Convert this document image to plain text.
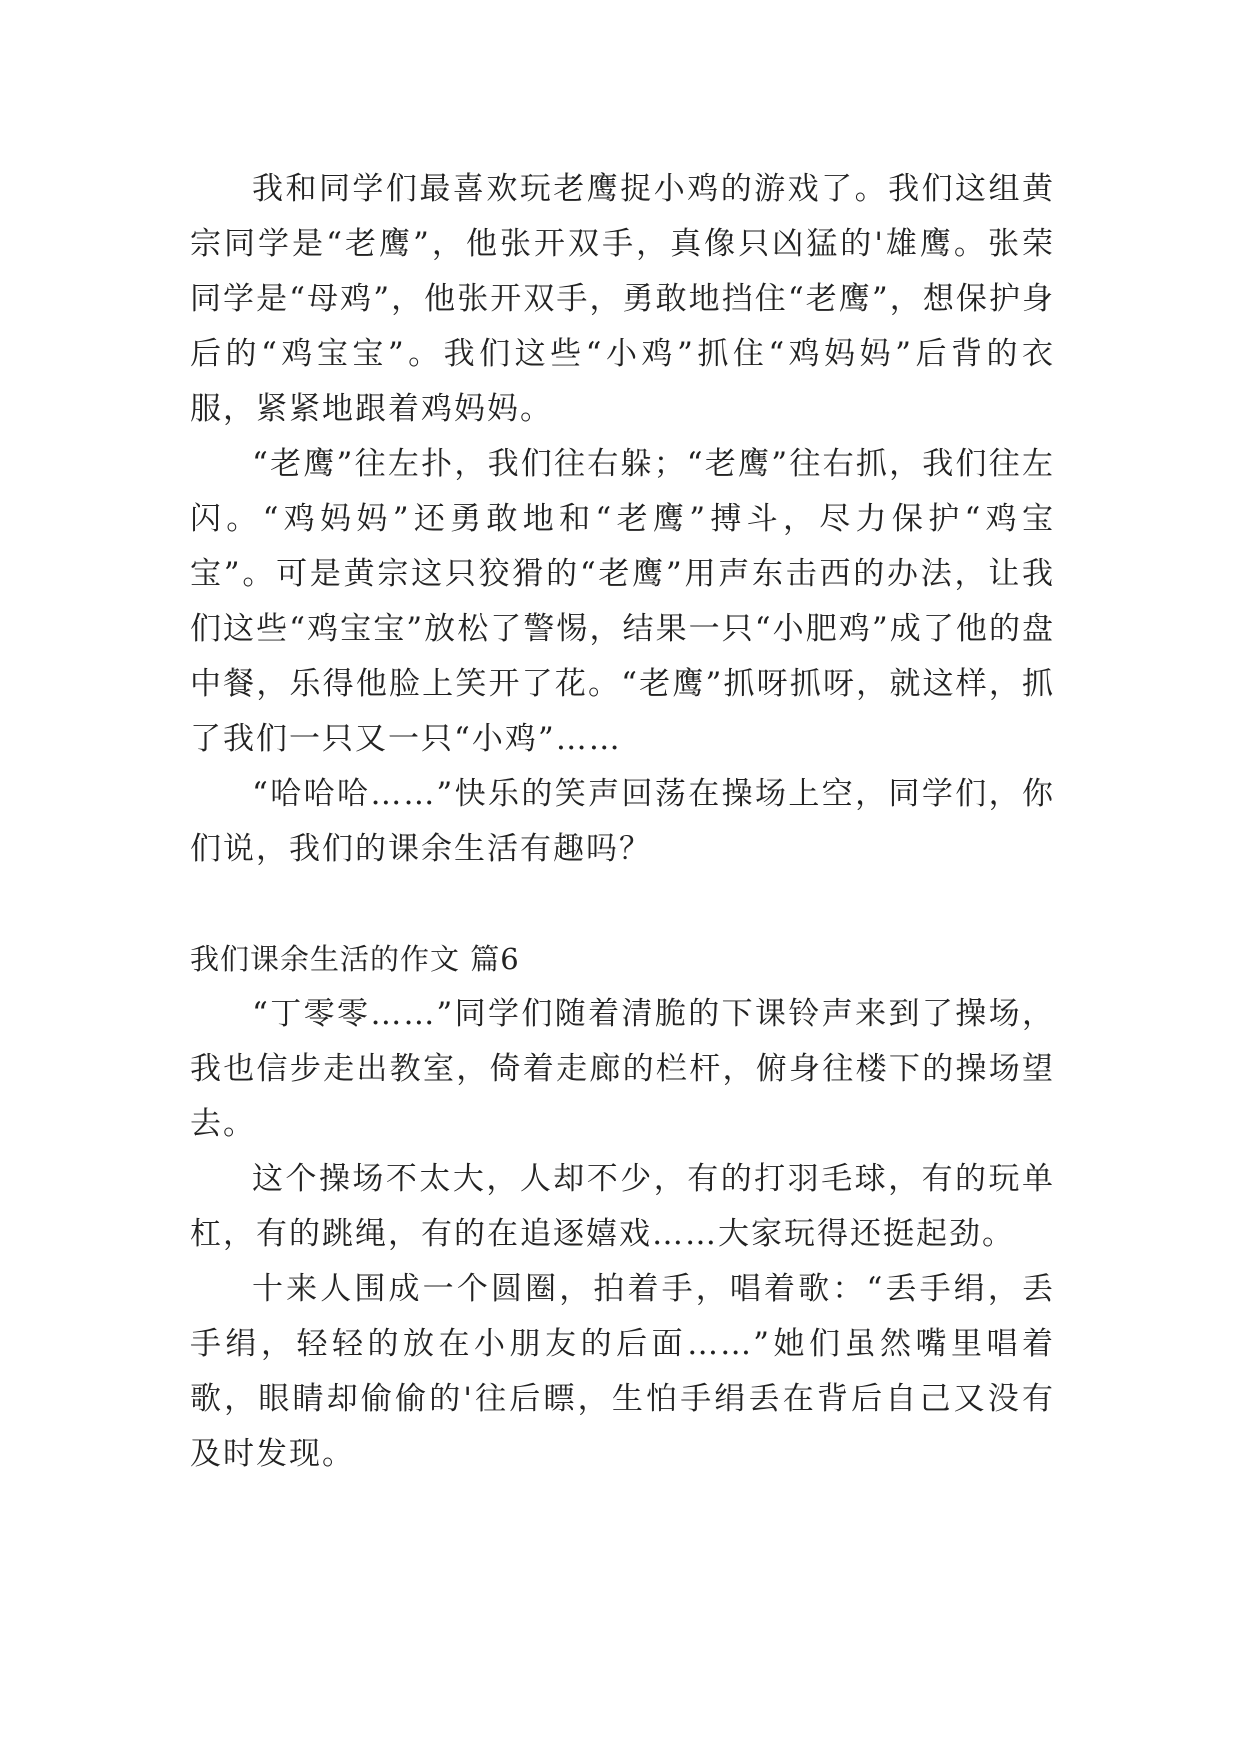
我和同学们最喜欢玩老鹰捉小鸡的游戏了。我们这组黄宗同学是“老鹰”，他张开双手，真像只凶猛的'雄鹰。张荣同学是“母鸡”，他张开双手，勇敢地挡住“老鹰”，想保护身后的“鸡宝宝”。我们这些“小鸡”抓住“鸡妈妈”后背的衣服，紧紧地跟着鸡妈妈。

“老鹰”往左扑，我们往右躲；“老鹰”往右抓，我们往左闪。“鸡妈妈”还勇敢地和“老鹰”搏斗，尽力保护“鸡宝宝”。可是黄宗这只狡猾的“老鹰”用声东击西的办法，让我们这些“鸡宝宝”放松了警惕，结果一只“小肥鸡”成了他的盘中餐，乐得他脸上笑开了花。“老鹰”抓呀抓呀，就这样，抓了我们一只又一只“小鸡”……

“哈哈哈……”快乐的笑声回荡在操场上空，同学们，你们说，我们的课余生活有趣吗？

我们课余生活的作文 篇6

“丁零零……”同学们随着清脆的下课铃声来到了操场，我也信步走出教室，倚着走廊的栏杆，俯身往楼下的操场望去。

这个操场不太大，人却不少，有的打羽毛球，有的玩单杠，有的跳绳，有的在追逐嬉戏……大家玩得还挺起劲。

十来人围成一个圆圈，拍着手，唱着歌：“丢手绢，丢手绢，轻轻的放在小朋友的后面……”她们虽然嘴里唱着歌，眼睛却偷偷的'往后瞟，生怕手绢丢在背后自己又没有及时发现。
